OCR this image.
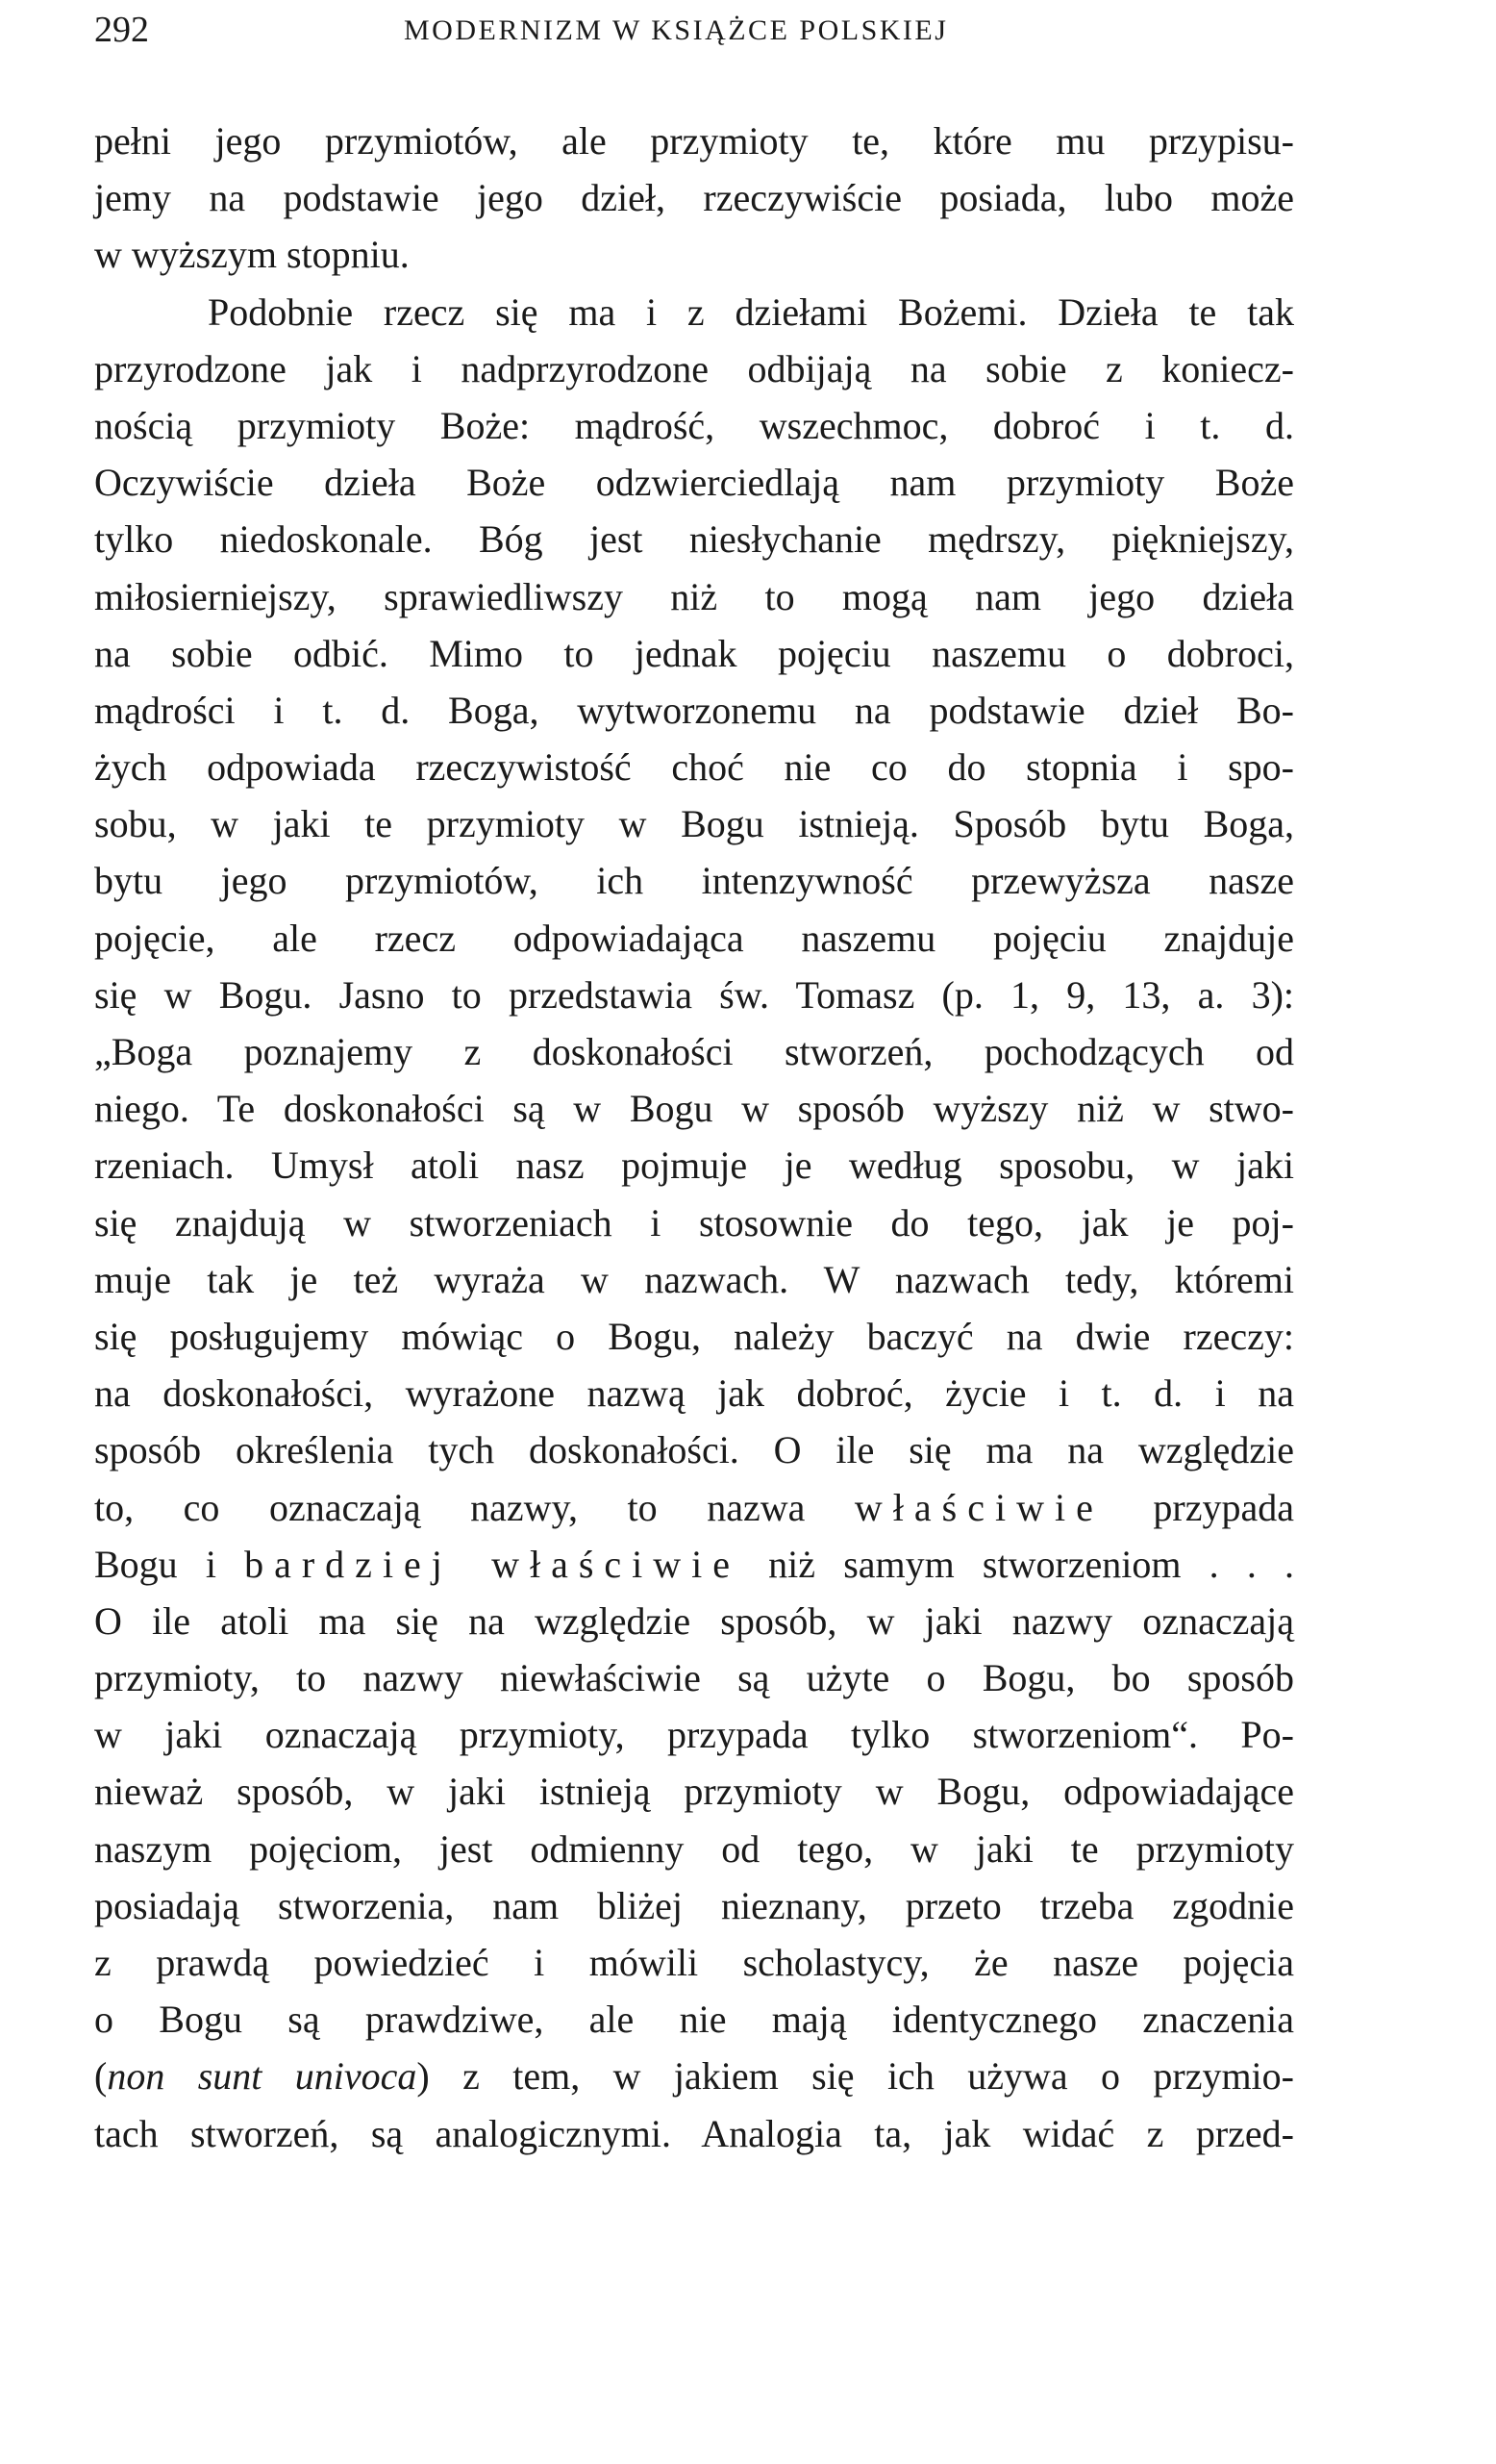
292	MODERNIZM W KSIĄŻCE POLSKIEJ
pełni jego przymiotów, ale przymioty te, które mu przypisu-
jemy na podstawie jego dzieł, rzeczywiście posiada, lubo może
w wyższym stopniu.
Podobnie rzecz się ma i z dziełami Bożemi. Dzieła te tak
przyrodzone jak i nadprzyrodzone odbijają na sobie z koniecz-
nością przymioty Boże: mądrość, wszechmoc, dobroć i t. d.
Oczywiście dzieła Boże odzwierciedlają nam przymioty Boże
tylko niedoskonale. Bóg jest niesłychanie mędrszy, piękniejszy,
miłosierniejszy, sprawiedliwszy niż to mogą nam jego dzieła
na sobie odbić. Mimo to jednak pojęciu naszemu o dobroci,
mądrości i t. d. Boga, wytworzonemu na podstawie dzieł Bo-
żych odpowiada rzeczywistość choć nie co do stopnia i spo-
sobu, w jaki te przymioty w Bogu istnieją. Sposób bytu Boga,
bytu jego przymiotów, ich intenzywność przewyższa nasze
pojęcie, ale rzecz odpowiadająca naszemu pojęciu znajduje
się w Bogu. Jasno to przedstawia św. Tomasz (p. 1, 9, 13, a. 3):
„Boga poznajemy z doskonałości stworzeń, pochodzących od
niego. Te doskonałości są w Bogu w sposób wyższy niż w stwo-
rzeniach. Umysł atoli nasz pojmuje je według sposobu, w jaki
się znajdują w stworzeniach i stosownie do tego, jak je poj-
muje tak je też wyraża w nazwach. W nazwach tedy, któremi
się posługujemy mówiąc o Bogu, należy baczyć na dwie rzeczy:
na doskonałości, wyrażone nazwą jak dobroć, życie i t. d. i na
sposób określenia tych doskonałości. O ile się ma na względzie
to, co oznaczają nazwy, to nazwa właściwie przypada
Bogu i bardziej właściwie niż samym stworzeniom . . .
O ile atoli ma się na względzie sposób, w jaki nazwy oznaczają
przymioty, to nazwy niewłaściwie są użyte o Bogu, bo sposób
w jaki oznaczają przymioty, przypada tylko stworzeniom“. Po-
nieważ sposób, w jaki istnieją przymioty w Bogu, odpowiadające
naszym pojęciom, jest odmienny od tego, w jaki te przymioty
posiadają stworzenia, nam bliżej nieznany, przeto trzeba zgodnie
z prawdą powiedzieć i mówili scholastycy, że nasze pojęcia
o Bogu są prawdziwe, ale nie mają identycznego znaczenia
(non sunt univoca) z tem, w jakiem się ich używa o przymio-
tach stworzeń, są analogicznymi. Analogia ta, jak widać z przed-
